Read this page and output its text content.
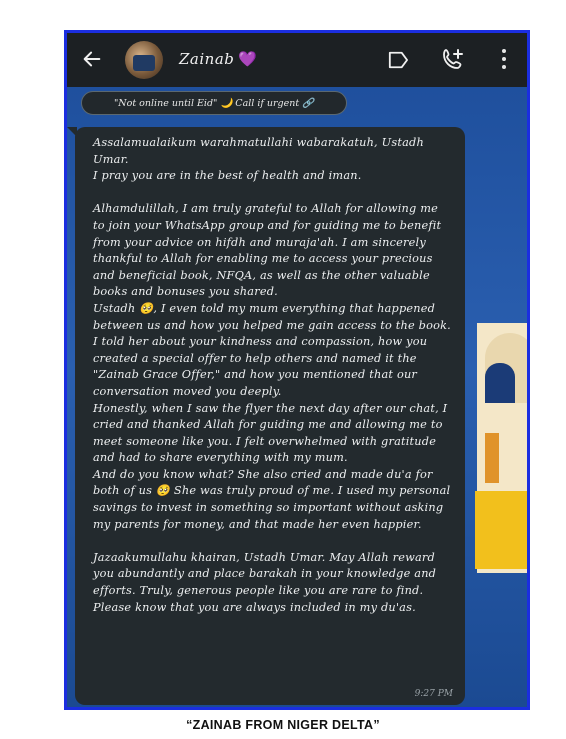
Zainab 💜
"Not online until Eid" 🌙 Call if urgent 🔗

Assalamualaikum warahmatullahi wabarakatuh, Ustadh Umar.

I pray you are in the best of health and iman.

Alhamdulillah, I am truly grateful to Allah for allowing me to join your WhatsApp group and for guiding me to benefit from your advice on hifdh and muraja'ah. I am sincerely thankful to Allah for enabling me to access your precious and beneficial book, NFQA, as well as the other valuable books and bonuses you shared.

Ustadh 🥺, I even told my mum everything that happened between us and how you helped me gain access to the book. I told her about your kindness and compassion, how you created a special offer to help others and named it the "Zainab Grace Offer," and how you mentioned that our conversation moved you deeply.

Honestly, when I saw the flyer the next day after our chat, I cried and thanked Allah for guiding me and allowing me to meet someone like you. I felt overwhelmed with gratitude and had to share everything with my mum.

And do you know what? She also cried and made du'a for both of us 🥺 She was truly proud of me. I used my personal savings to invest in something so important without asking my parents for money, and that made her even happier.

Jazaakumullahu khairan, Ustadh Umar. May Allah reward you abundantly and place barakah in your knowledge and efforts. Truly, generous people like you are rare to find. Please know that you are always included in my du'as.

9:27 PM
“ZAINAB FROM NIGER DELTA”
